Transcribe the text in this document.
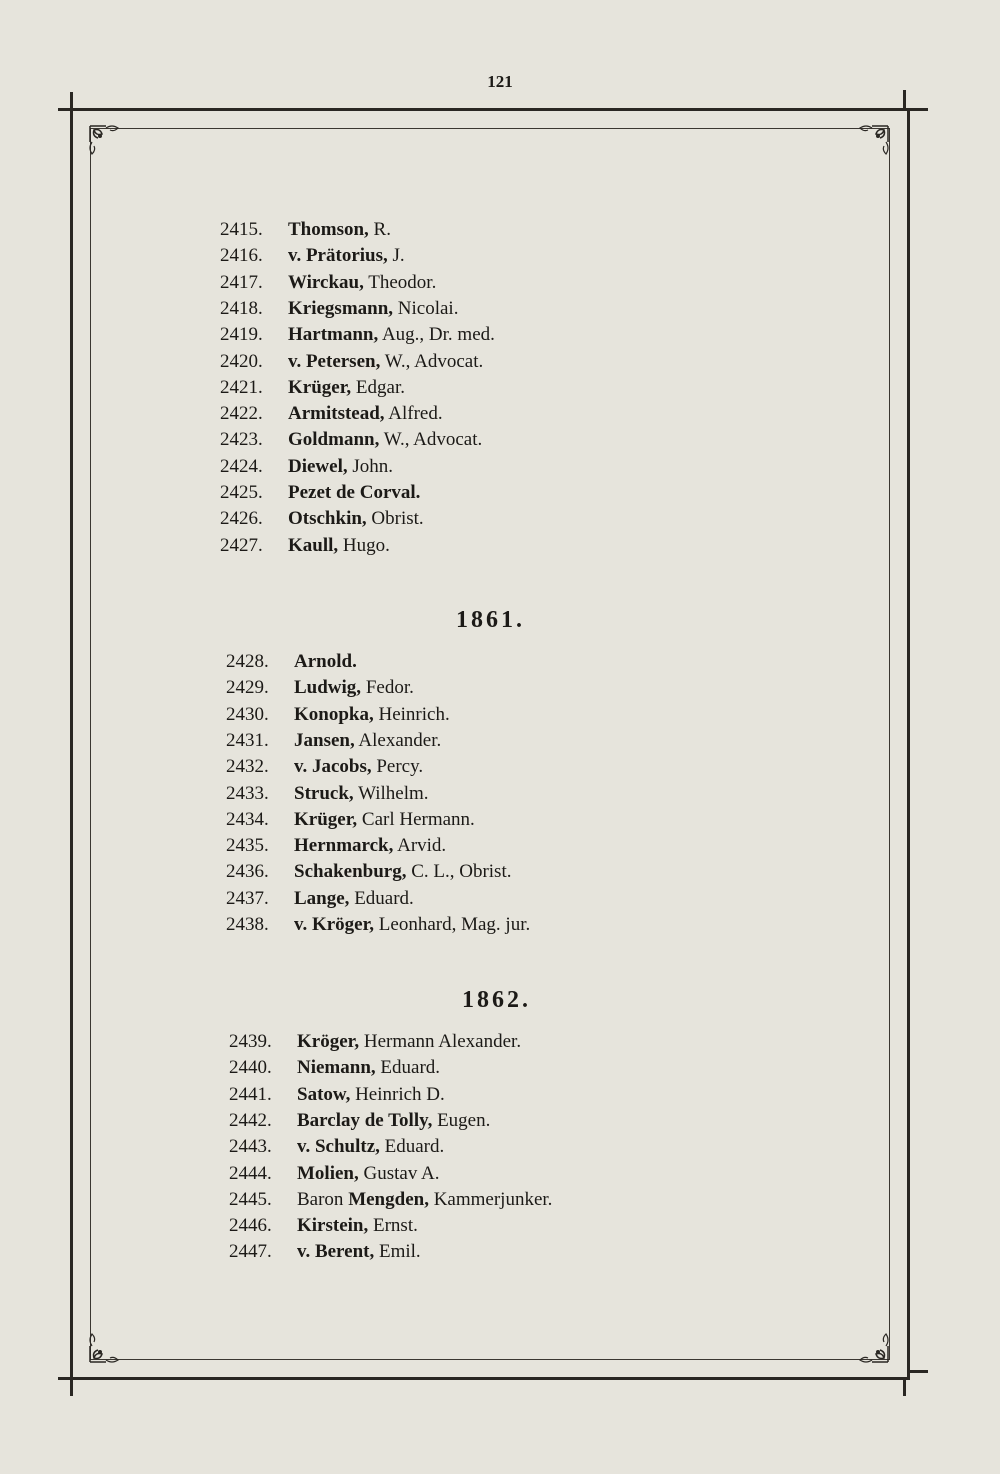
121
2415. Thomson, R.
2416. v. Prätorius, J.
2417. Wirckau, Theodor.
2418. Kriegsmann, Nicolai.
2419. Hartmann, Aug., Dr. med.
2420. v. Petersen, W., Advocat.
2421. Krüger, Edgar.
2422. Armitstead, Alfred.
2423. Goldmann, W., Advocat.
2424. Diewel, John.
2425. Pezet de Corval.
2426. Otschkin, Obrist.
2427. Kaull, Hugo.
1861.
2428. Arnold.
2429. Ludwig, Fedor.
2430. Konopka, Heinrich.
2431. Jansen, Alexander.
2432. v. Jacobs, Percy.
2433. Struck, Wilhelm.
2434. Krüger, Carl Hermann.
2435. Hernmarck, Arvid.
2436. Schakenburg, C. L., Obrist.
2437. Lange, Eduard.
2438. v. Kröger, Leonhard, Mag. jur.
1862.
2439. Kröger, Hermann Alexander.
2440. Niemann, Eduard.
2441. Satow, Heinrich D.
2442. Barclay de Tolly, Eugen.
2443. v. Schultz, Eduard.
2444. Molien, Gustav A.
2445. Baron Mengden, Kammerjunker.
2446. Kirstein, Ernst.
2447. v. Berent, Emil.
